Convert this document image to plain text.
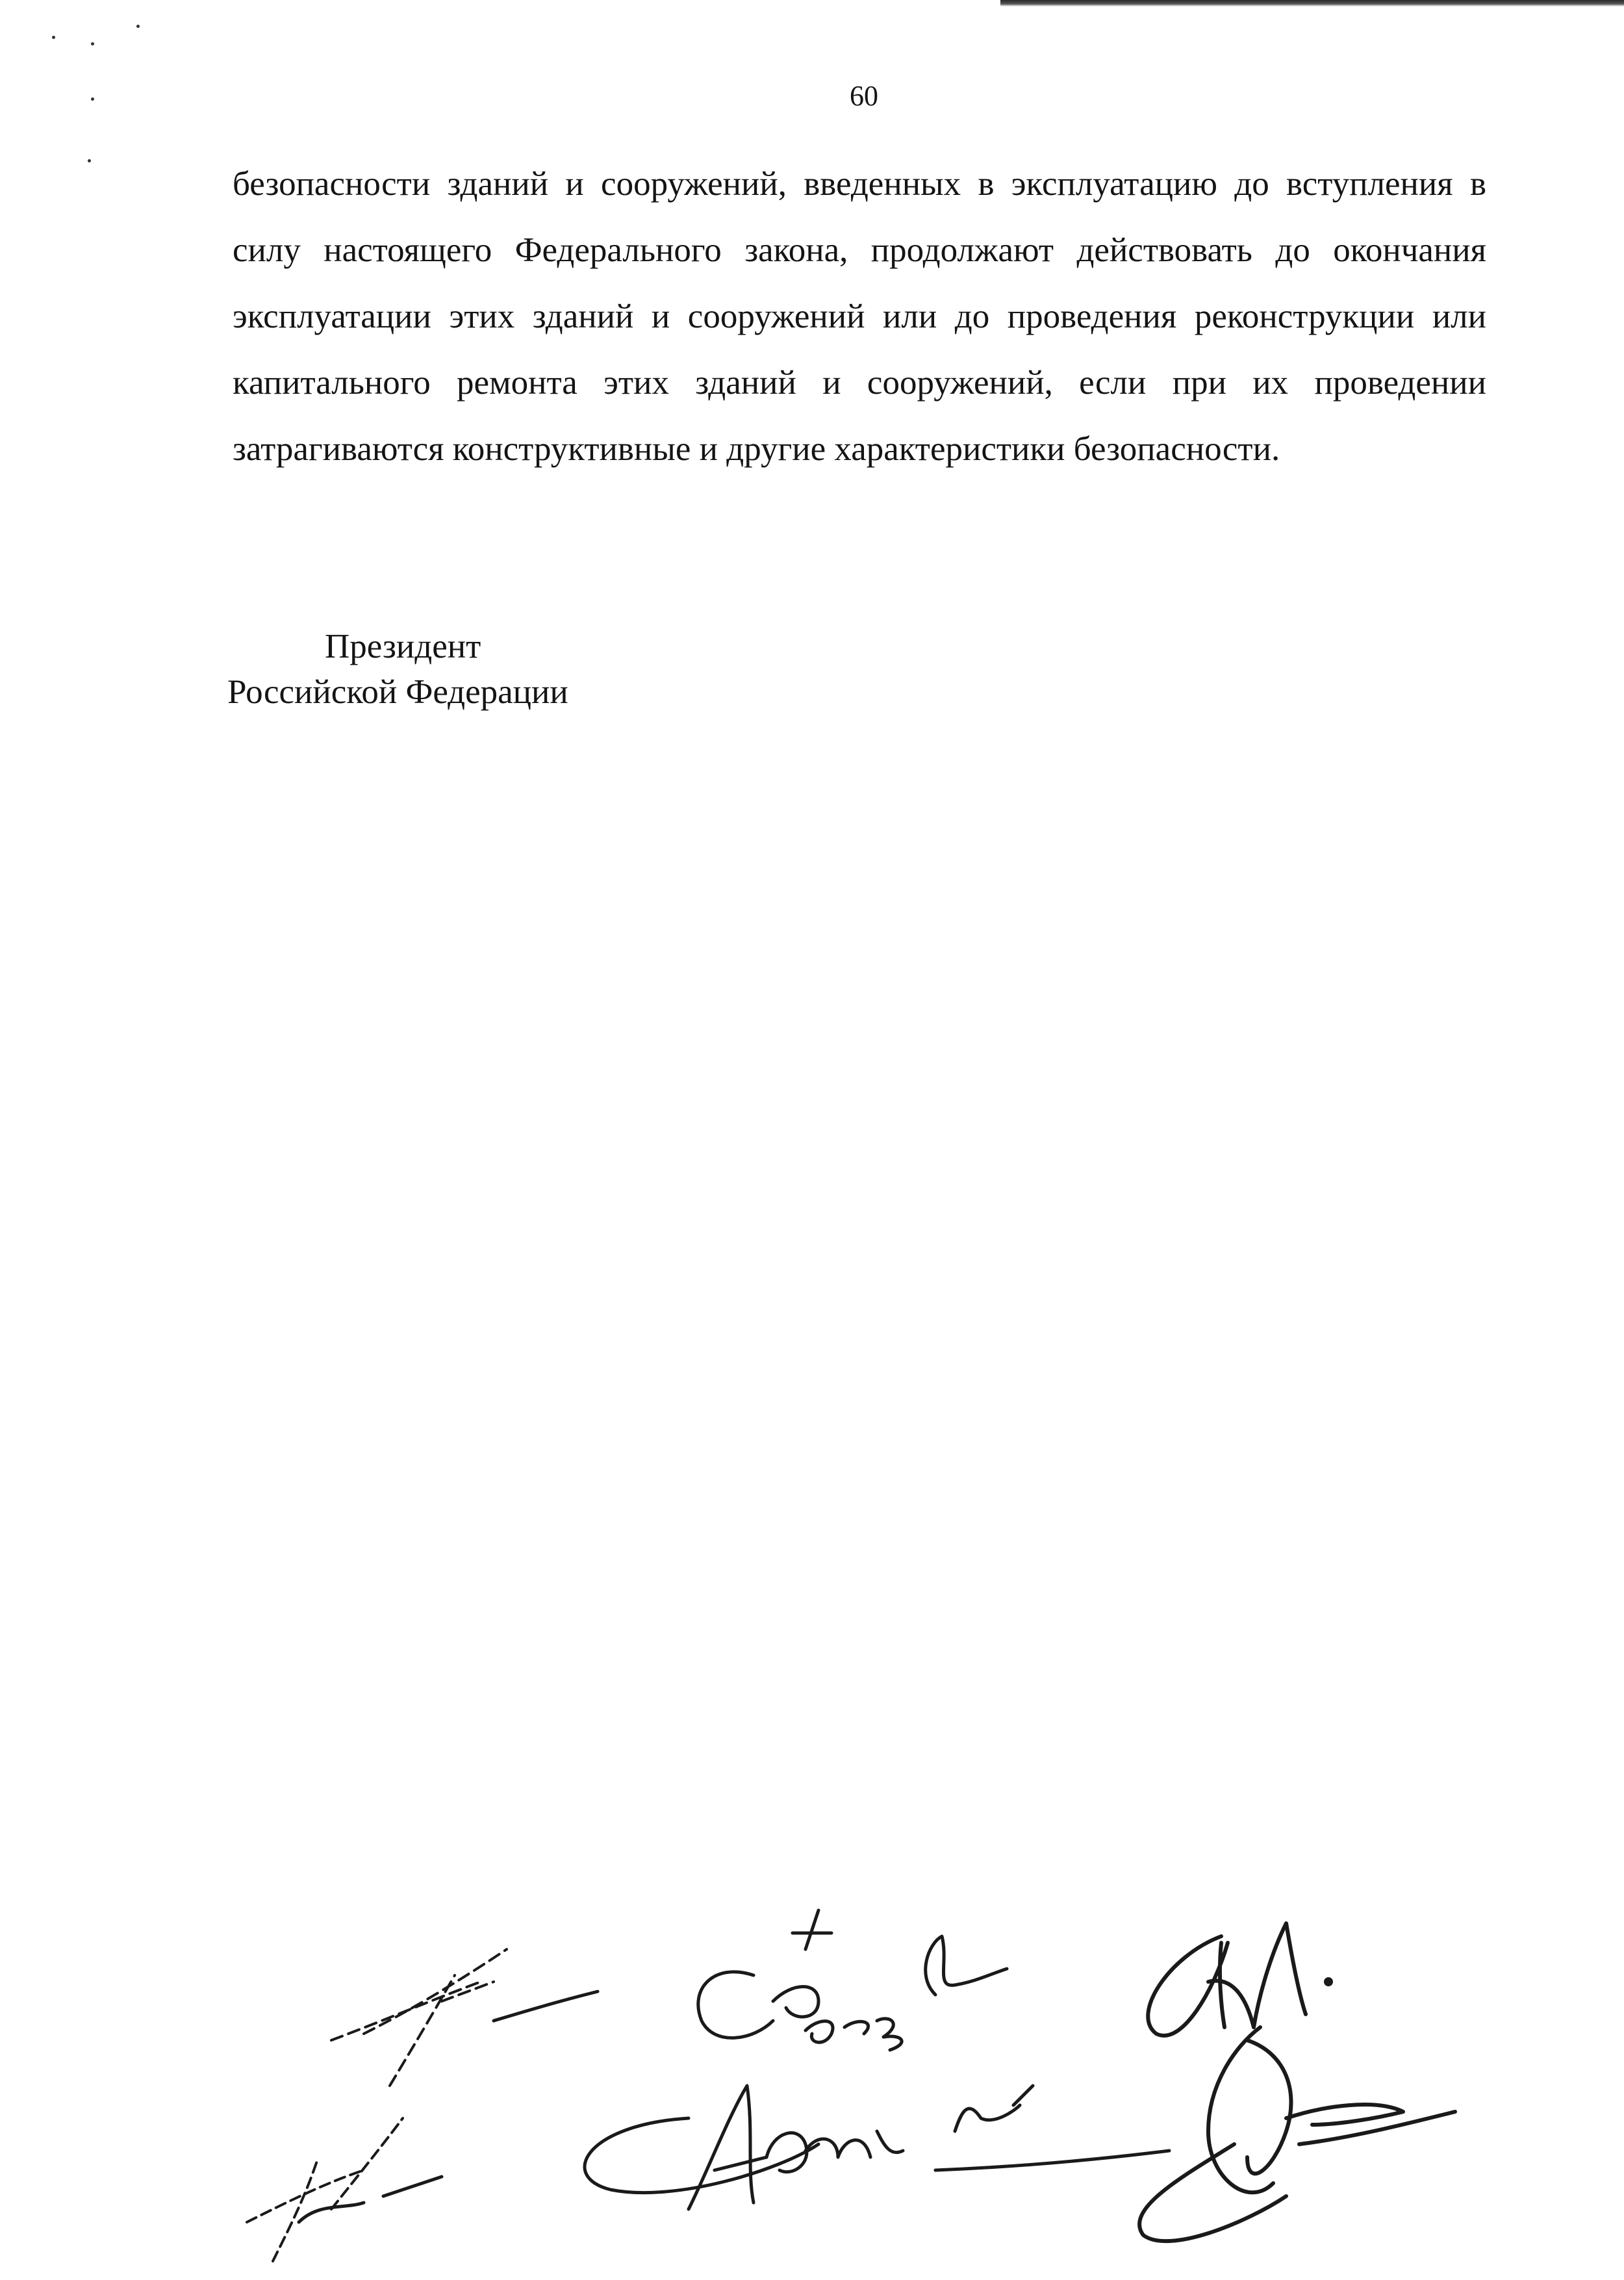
60

безопасности зданий и сооружений, введенных в эксплуатацию до вступления в силу настоящего Федерального закона, продолжают действовать до окончания эксплуатации этих зданий и сооружений или до проведения реконструкции или капитального ремонта этих зданий и сооружений, если при их проведении затрагиваются конструктивные и другие характеристики безопасности.

Президент
Российской Федерации
